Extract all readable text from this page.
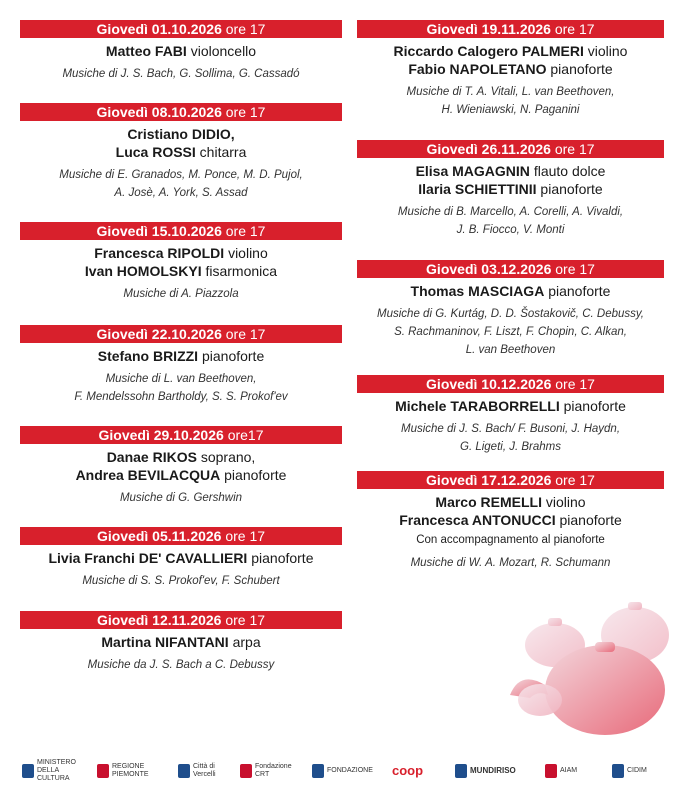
Giovedì 01.10.2026 ore 17
Matteo FABI violoncello
Musiche di J. S. Bach, G. Sollima, G. Cassadó
Giovedì 08.10.2026 ore 17
Cristiano DIDIO,
Luca ROSSI chitarra
Musiche di E. Granados, M. Ponce, M. D. Pujol,
A. Josè, A. York, S. Assad
Giovedì 15.10.2026 ore 17
Francesca RIPOLDI violino
Ivan HOMOLSKYI fisarmonica
Musiche di A. Piazzola
Giovedì 22.10.2026 ore 17
Stefano BRIZZI pianoforte
Musiche di L. van Beethoven,
F. Mendelssohn Bartholdy, S. S. Prokof'ev
Giovedì 29.10.2026 ore17
Danae RIKOS soprano,
Andrea BEVILACQUA pianoforte
Musiche di G. Gershwin
Giovedì 05.11.2026 ore 17
Livia Franchi DE' CAVALLIERI pianoforte
Musiche di S. S. Prokof'ev, F. Schubert
Giovedì 12.11.2026 ore 17
Martina NIFANTANI arpa
Musiche da J. S. Bach a C. Debussy
Giovedì 19.11.2026 ore 17
Riccardo Calogero PALMERI violino
Fabio NAPOLETANO pianoforte
Musiche di T. A. Vitali, L. van Beethoven,
H. Wieniawski, N. Paganini
Giovedì 26.11.2026 ore 17
Elisa MAGAGNIN flauto dolce
Ilaria SCHIETTINII pianoforte
Musiche di B. Marcello, A. Corelli, A. Vivaldi,
J. B. Fiocco, V. Monti
Giovedì 03.12.2026 ore 17
Thomas MASCIAGA pianoforte
Musiche di G. Kurtág, D. D. Šostakovič, C. Debussy,
S. Rachmaninov, F. Liszt, F. Chopin, C. Alkan,
L. van Beethoven
Giovedì 10.12.2026 ore 17
Michele TARABORRELLI pianoforte
Musiche di J. S. Bach/ F. Busoni, J. Haydn,
G. Ligeti, J. Brahms
Giovedì 17.12.2026 ore 17
Marco REMELLI violino
Francesca ANTONUCCI pianoforte
Con accompagnamento al pianoforte
Musiche di W. A. Mozart, R. Schumann
MINISTERO DELLA CULTURA
REGIONE PIEMONTE
Città di Vercelli
Fondazione CRT
FONDAZIONE coop	MUNDIRISO	AIAM	CIDIM
